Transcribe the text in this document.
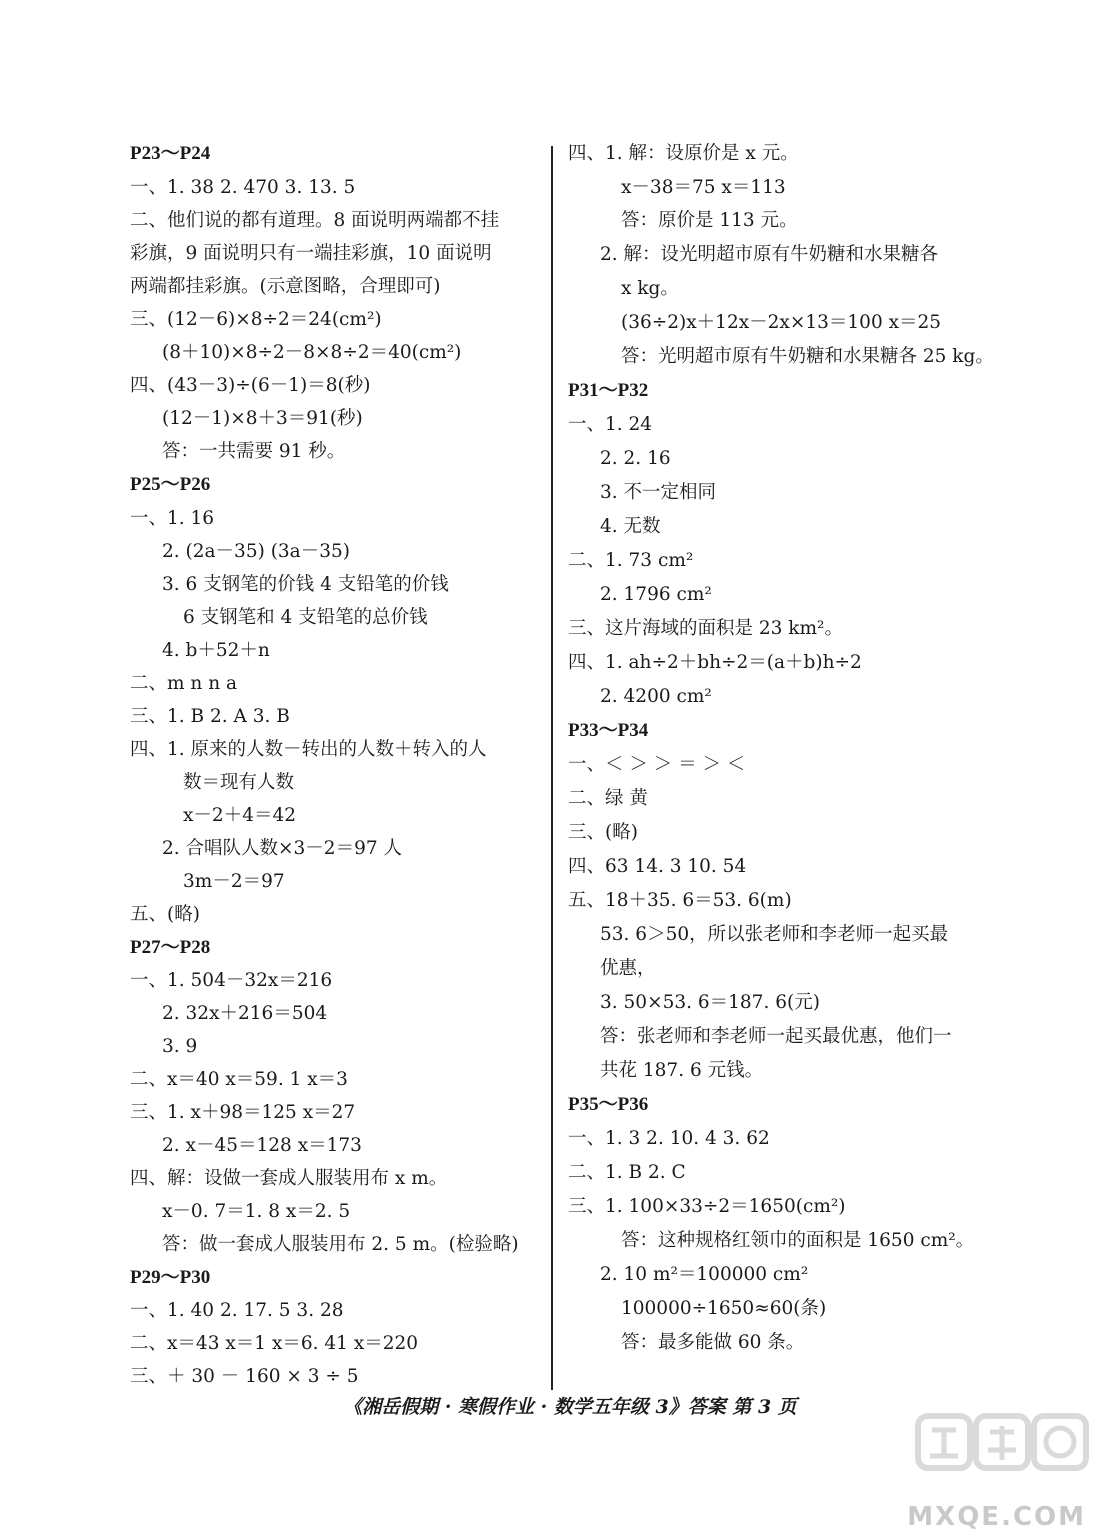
P23～P24
一、1. 38 2. 470 3. 13. 5
二、他们说的都有道理。8 面说明两端都不挂
彩旗，9 面说明只有一端挂彩旗，10 面说明
两端都挂彩旗。(示意图略，合理即可)
三、(12－6)×8÷2＝24(cm²)
(8＋10)×8÷2－8×8÷2＝40(cm²)
四、(43－3)÷(6－1)＝8(秒)
(12－1)×8＋3＝91(秒)
答：一共需要 91 秒。
P25～P26
一、1. 16
2. (2a－35) (3a－35)
3. 6 支钢笔的价钱 4 支铅笔的价钱
6 支钢笔和 4 支铅笔的总价钱
4. b＋52＋n
二、m n n a
三、1. B 2. A 3. B
四、1. 原来的人数－转出的人数＋转入的人
数＝现有人数
x－2＋4＝42
2. 合唱队人数×3－2＝97 人
3m－2＝97
五、(略)
P27～P28
一、1. 504－32x＝216
2. 32x＋216＝504
3. 9
二、x＝40 x＝59. 1 x＝3
三、1. x＋98＝125 x＝27
2. x－45＝128 x＝173
四、解：设做一套成人服装用布 x m。
x－0. 7＝1. 8 x＝2. 5
答：做一套成人服装用布 2. 5 m。(检验略)
P29～P30
一、1. 40 2. 17. 5 3. 28
二、x＝43 x＝1 x＝6. 41 x＝220
三、＋ 30 － 160 × 3 ÷ 5
四、1. 解：设原价是 x 元。
x－38＝75 x＝113
答：原价是 113 元。
2. 解：设光明超市原有牛奶糖和水果糖各
x kg。
(36÷2)x＋12x－2x×13＝100 x＝25
答：光明超市原有牛奶糖和水果糖各 25 kg。
P31～P32
一、1. 24
2. 2. 16
3. 不一定相同
4. 无数
二、1. 73 cm²
2. 1796 cm²
三、这片海域的面积是 23 km²。
四、1. ah÷2＋bh÷2＝(a＋b)h÷2
2. 4200 cm²
P33～P34
一、＜ ＞ ＞ ＝ ＞ ＜
二、绿 黄
三、(略)
四、63 14. 3 10. 54
五、18＋35. 6＝53. 6(m)
53. 6＞50，所以张老师和李老师一起买最
优惠，
3. 50×53. 6＝187. 6(元)
答：张老师和李老师一起买最优惠，他们一
共花 187. 6 元钱。
P35～P36
一、1. 3 2. 10. 4 3. 62
二、1. B 2. C
三、1. 100×33÷2＝1650(cm²)
答：这种规格红领巾的面积是 1650 cm²。
2. 10 m²＝100000 cm²
100000÷1650≈60(条)
答：最多能做 60 条。
《湘岳假期 · 寒假作业 · 数学五年级 3》答案 第 3 页
MXQE.COM
